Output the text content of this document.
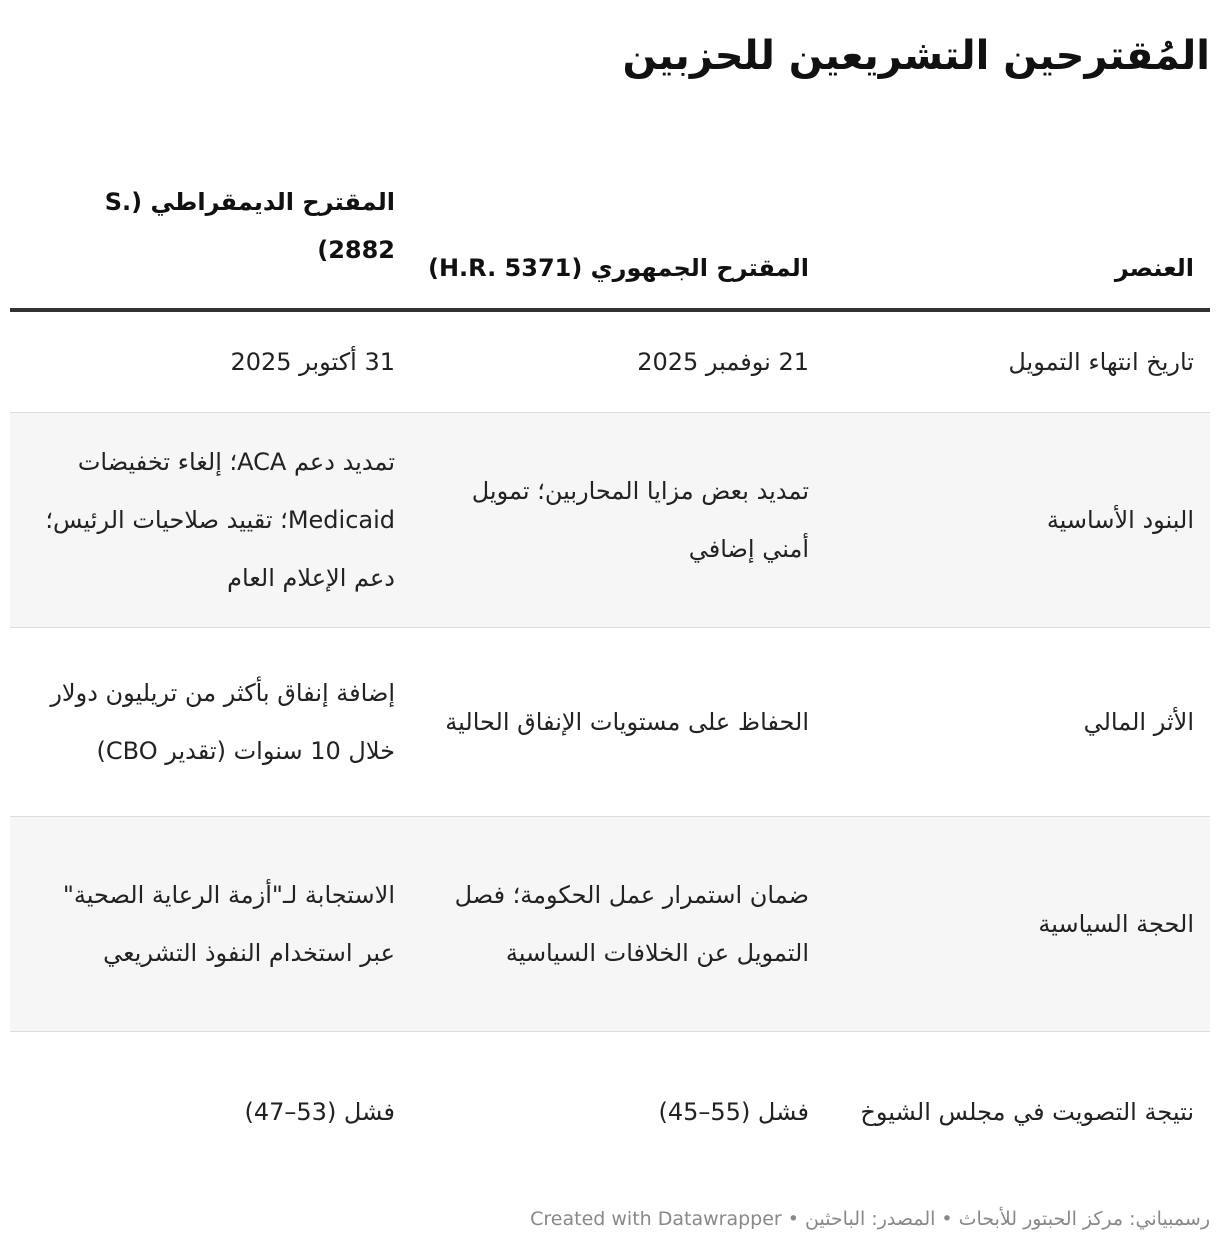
المُقترحين التشريعين للحزبين
العنصر	المقترح الجمهوري (H.R. 5371)	المقترح الديمقراطي (S. 2882)
تاريخ انتهاء التمويل	21 نوفمبر 2025	31 أكتوبر 2025
البنود الأساسية	تمديد بعض مزايا المحاربين؛ تمويل أمني إضافي	تمديد دعم ACA؛ إلغاء تخفيضات Medicaid؛ تقييد صلاحيات الرئيس؛ دعم الإعلام العام
الأثر المالي	الحفاظ على مستويات الإنفاق الحالية	إضافة إنفاق بأكثر من تريليون دولار خلال 10 سنوات (تقدير CBO)
الحجة السياسية	ضمان استمرار عمل الحكومة؛ فصل التمويل عن الخلافات السياسية	الاستجابة لـ"أزمة الرعاية الصحية" عبر استخدام النفوذ التشريعي
نتيجة التصويت في مجلس الشيوخ	فشل (55–45)	فشل (53–47)
رسمبياني: مركز الحبتور للأبحاث • المصدر: الباحثين • Created with Datawrapper
